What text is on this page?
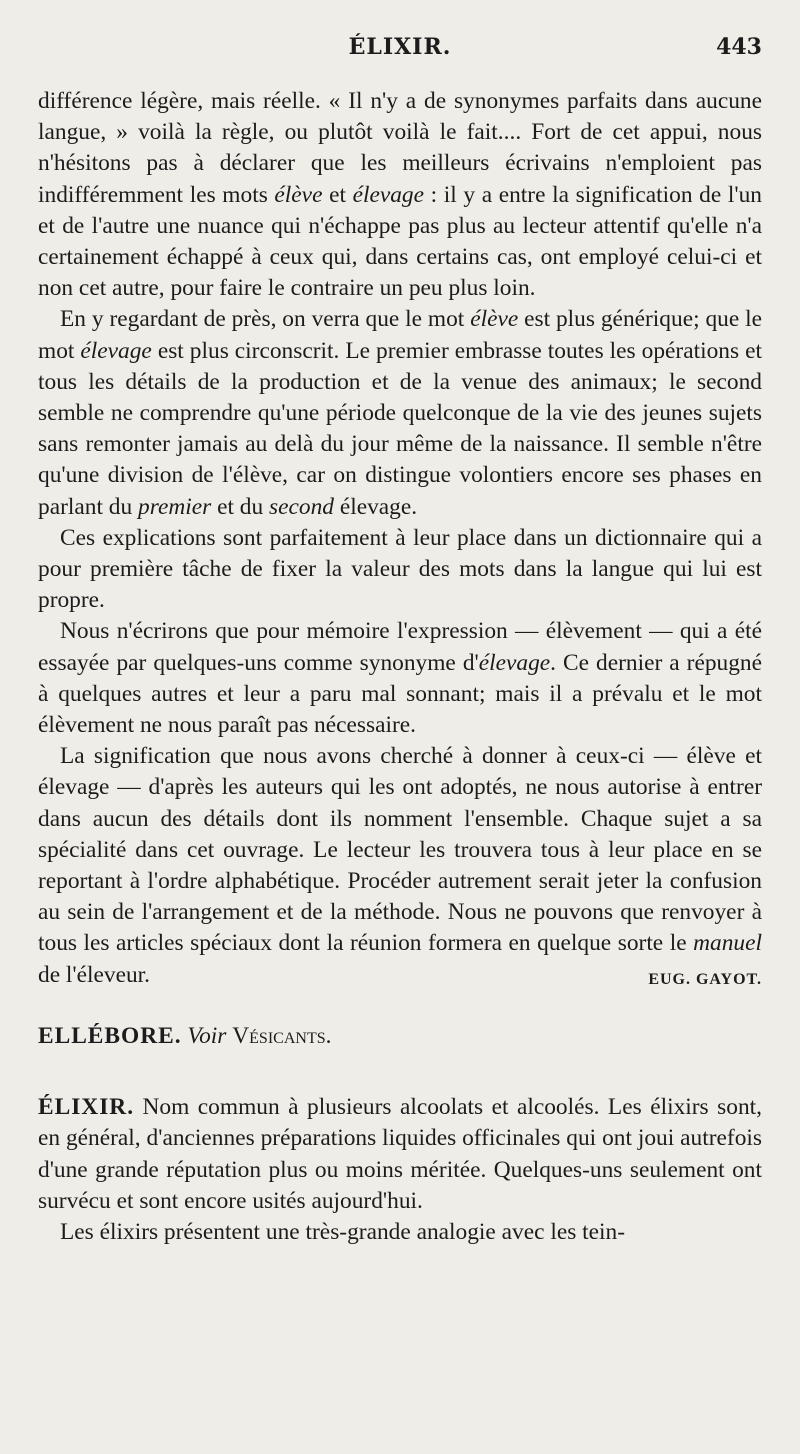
ÉLIXIR.	443

différence légère, mais réelle. « Il n'y a de synonymes parfaits dans aucune langue, » voilà la règle, ou plutôt voilà le fait.... Fort de cet appui, nous n'hésitons pas à déclarer que les meilleurs écrivains n'emploient pas indifféremment les mots élève et élevage : il y a entre la signification de l'un et de l'autre une nuance qui n'échappe pas plus au lecteur attentif qu'elle n'a certainement échappé à ceux qui, dans certains cas, ont employé celui-ci et non cet autre, pour faire le contraire un peu plus loin.

En y regardant de près, on verra que le mot élève est plus générique; que le mot élevage est plus circonscrit. Le premier embrasse toutes les opérations et tous les détails de la production et de la venue des animaux; le second semble ne comprendre qu'une période quelconque de la vie des jeunes sujets sans remonter jamais au delà du jour même de la naissance. Il semble n'être qu'une division de l'élève, car on distingue volontiers encore ses phases en parlant du premier et du second élevage.

Ces explications sont parfaitement à leur place dans un dictionnaire qui a pour première tâche de fixer la valeur des mots dans la langue qui lui est propre.

Nous n'écrirons que pour mémoire l'expression — élèvement — qui a été essayée par quelques-uns comme synonyme d'élevage. Ce dernier a répugné à quelques autres et leur a paru mal sonnant; mais il a prévalu et le mot élèvement ne nous paraît pas nécessaire.

La signification que nous avons cherché à donner à ceux-ci — élève et élevage — d'après les auteurs qui les ont adoptés, ne nous autorise à entrer dans aucun des détails dont ils nomment l'ensemble. Chaque sujet a sa spécialité dans cet ouvrage. Le lecteur les trouvera tous à leur place en se reportant à l'ordre alphabétique. Procéder autrement serait jeter la confusion au sein de l'arrangement et de la méthode. Nous ne pouvons que renvoyer à tous les articles spéciaux dont la réunion formera en quelque sorte le manuel de l'éleveur.	EUG. GAYOT.

ELLÉBORE. Voir Vésicants.

ÉLIXIR. Nom commun à plusieurs alcoolats et alcoolés. Les élixirs sont, en général, d'anciennes préparations liquides officinales qui ont joui autrefois d'une grande réputation plus ou moins méritée. Quelques-uns seulement ont survécu et sont encore usités aujourd'hui.

Les élixirs présentent une très-grande analogie avec les tein-
